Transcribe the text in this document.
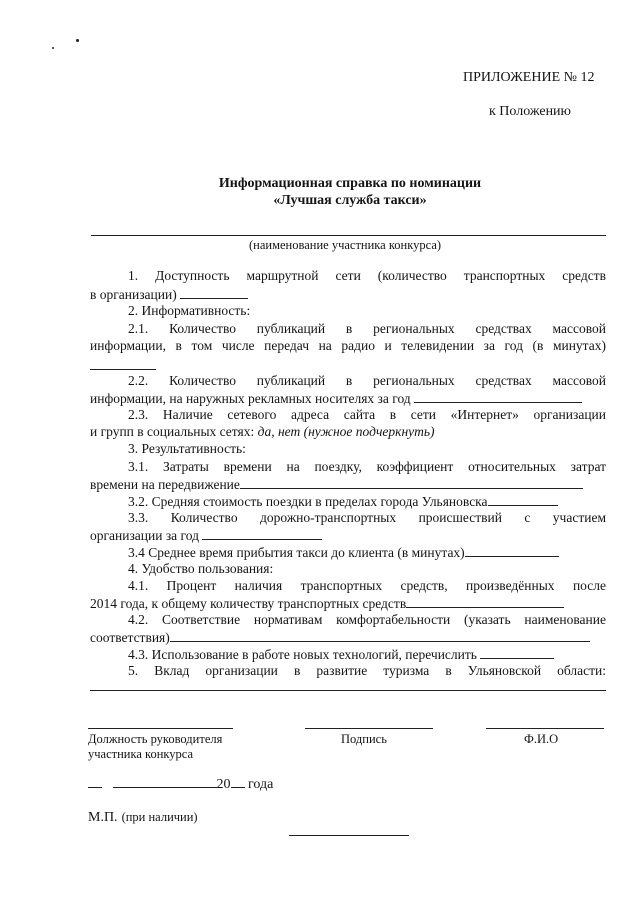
ПРИЛОЖЕНИЕ № 12
к Положению
Информационная справка по номинации
«Лучшая служба такси»
(наименование участника конкурса)
1. Доступность маршрутной сети (количество транспортных средств
в организации)
2. Информативность:
2.1. Количество публикаций в региональных средствах массовой
информации, в том числе передач на радио и телевидении за год (в минутах)
2.2. Количество публикаций в региональных средствах массовой
информации, на наружных рекламных носителях за год
2.3. Наличие сетевого адреса сайта в сети «Интернет» организации
и групп в социальных сетях: да, нет (нужное подчеркнуть)
3. Результативность:
3.1. Затраты времени на поездку, коэффициент относительных затрат
времени на передвижение
3.2. Средняя стоимость поездки в пределах города Ульяновска
3.3. Количество дорожно-транспортных происшествий с участием
организации за год
3.4 Среднее время прибытия такси до клиента (в минутах)
4. Удобство пользования:
4.1. Процент наличия транспортных средств, произведённых после
2014 года, к общему количеству транспортных средств
4.2. Соответствие нормативам комфортабельности (указать наименование
соответствия)
4.3. Использование в работе новых технологий, перечислить
5. Вклад организации в развитие туризма в Ульяновской области:
Должность руководителя
участника конкурса
Подпись	Ф.И.О
20 года
М.П. (при наличии)
